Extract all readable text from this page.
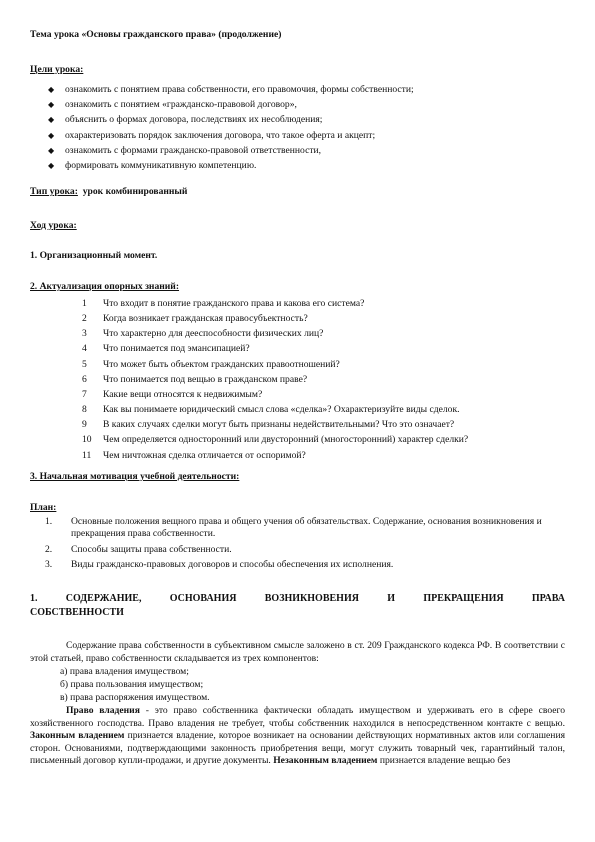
Тема урока «Основы гражданского права» (продолжение)
Цели урока:
◆ ознакомить с понятием права собственности, его правомочия, формы собственности;
◆ ознакомить с понятием «гражданско-правовой договор»,
◆ объяснить о формах договора, последствиях их несоблюдения;
◆ охарактеризовать порядок заключения договора, что такое оферта и акцепт;
◆ ознакомить с формами гражданско-правовой ответственности,
◆ формировать коммуникативную компетенцию.
Тип урока: урок комбинированный
Ход урока:
1. Организационный момент.
2. Актуализация опорных знаний:
1 Что входит в понятие гражданского права и какова его система?
2 Когда возникает гражданская правосубъектность?
3 Что характерно для дееспособности физических лиц?
4 Что понимается под эмансипацией?
5 Что может быть объектом гражданских правоотношений?
6 Что понимается под вещью в гражданском праве?
7 Какие вещи относятся к недвижимым?
8 Как вы понимаете юридический смысл слова «сделка»? Охарактеризуйте виды сделок.
9 В каких случаях сделки могут быть признаны недействительными? Что это означает?
10 Чем определяется односторонний или двусторонний (многосторонний) характер сделки?
11 Чем ничтожная сделка отличается от оспоримой?
3. Начальная мотивация учебной деятельности:
План:
1. Основные положения вещного права и общего учения об обязательствах. Содержание, основания возникновения и прекращения права собственности.
2. Способы защиты права собственности.
3. Виды гражданско-правовых договоров и способы обеспечения их исполнения.
1. СОДЕРЖАНИЕ, ОСНОВАНИЯ ВОЗНИКНОВЕНИЯ И ПРЕКРАЩЕНИЯ ПРАВА
СОБСТВЕННОСТИ
Содержание права собственности в субъективном смысле заложено в ст. 209 Гражданского кодекса РФ. В соответствии с этой статьей, право собственности складывается из трех компонентов:
а) права владения имуществом;
б) права пользования имуществом;
в) права распоряжения имуществом.
Право владения - это право собственника фактически обладать имуществом и удерживать его в сфере своего хозяйственного господства. Право владения не требует, чтобы собственник находился в непосредственном контакте с вещью. Законным владением признается владение, которое возникает на основании действующих нормативных актов или соглашения сторон. Основаниями, подтверждающими законность приобретения вещи, могут служить товарный чек, гарантийный талон, письменный договор купли-продажи, и другие документы. Незаконным владением признается владение вещью без
